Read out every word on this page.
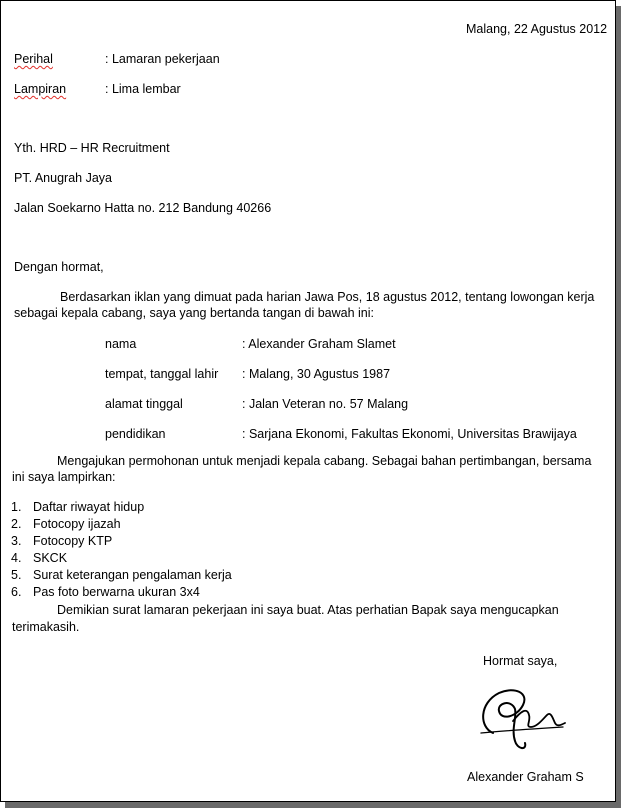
Malang, 22 Agustus 2012
Perihal	: Lamaran pekerjaan
Lampiran	: Lima lembar
Yth. HRD – HR Recruitment
PT. Anugrah Jaya
Jalan Soekarno Hatta no. 212 Bandung 40266
Dengan hormat,
Berdasarkan iklan yang dimuat pada harian Jawa Pos, 18 agustus 2012, tentang lowongan kerja
sebagai kepala cabang, saya yang bertanda tangan di bawah ini:
nama	: Alexander Graham Slamet
tempat, tanggal lahir : Malang, 30 Agustus 1987
alamat tinggal	: Jalan Veteran no. 57 Malang
pendidikan	: Sarjana Ekonomi, Fakultas Ekonomi, Universitas Brawijaya
Mengajukan permohonan untuk menjadi kepala cabang. Sebagai bahan pertimbangan, bersama
ini saya lampirkan:
1. Daftar riwayat hidup
2. Fotocopy ijazah
3. Fotocopy KTP
4. SKCK
5. Surat keterangan pengalaman kerja
6. Pas foto berwarna ukuran 3x4
Demikian surat lamaran pekerjaan ini saya buat. Atas perhatian Bapak saya mengucapkan
terimakasih.
Hormat saya,
Alexander Graham S
